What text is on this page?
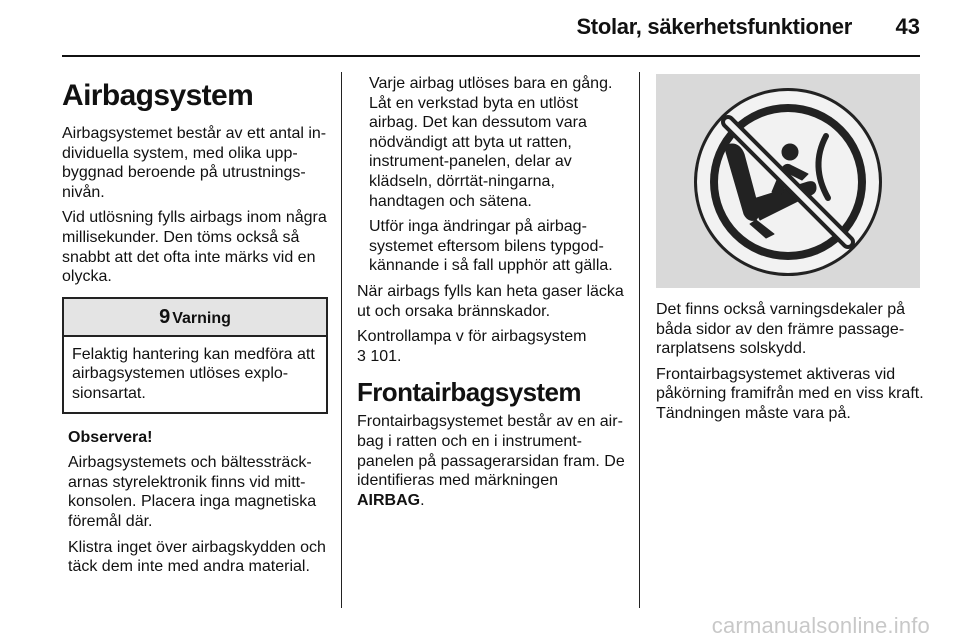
Stolar, säkerhetsfunktioner	43
Airbagsystem

Airbagsystemet består av ett antal in-dividuella system, med olika upp-byggnad beroende på utrustnings-nivån.

Vid utlösning fylls airbags inom några millisekunder. Den töms också så snabbt att det ofta inte märks vid en olycka.

9 Varning
Felaktig hantering kan medföra att airbagsystemen utlöses explo-sionsartat.

Observera!

Airbagsystemets och bältessträck-arnas styrelektronik finns vid mitt-konsolen. Placera inga magnetiska föremål där.

Klistra inget över airbagskydden och täck dem inte med andra material.

Varje airbag utlöses bara en gång. Låt en verkstad byta en utlöst airbag. Det kan dessutom vara nödvändigt att byta ut ratten, instrument-panelen, delar av klädseln, dörrtät-ningarna, handtagen och sätena.

Utför inga ändringar på airbag-systemet eftersom bilens typgod-kännande i så fall upphör att gälla.

När airbags fylls kan heta gaser läcka ut och orsaka brännskador.

Kontrollampa v för airbagsystem
3 101.

Frontairbagsystem

Frontairbagsystemet består av en air-bag i ratten och en i instrument-panelen på passagerarsidan fram. De identifieras med märkningen
AIRBAG.

Det finns också varningsdekaler på båda sidor av den främre passage-rarplatsens solskydd.

Frontairbagsystemet aktiveras vid påkörning framifrån med en viss kraft. Tändningen måste vara på.

carmanualsonline.info
